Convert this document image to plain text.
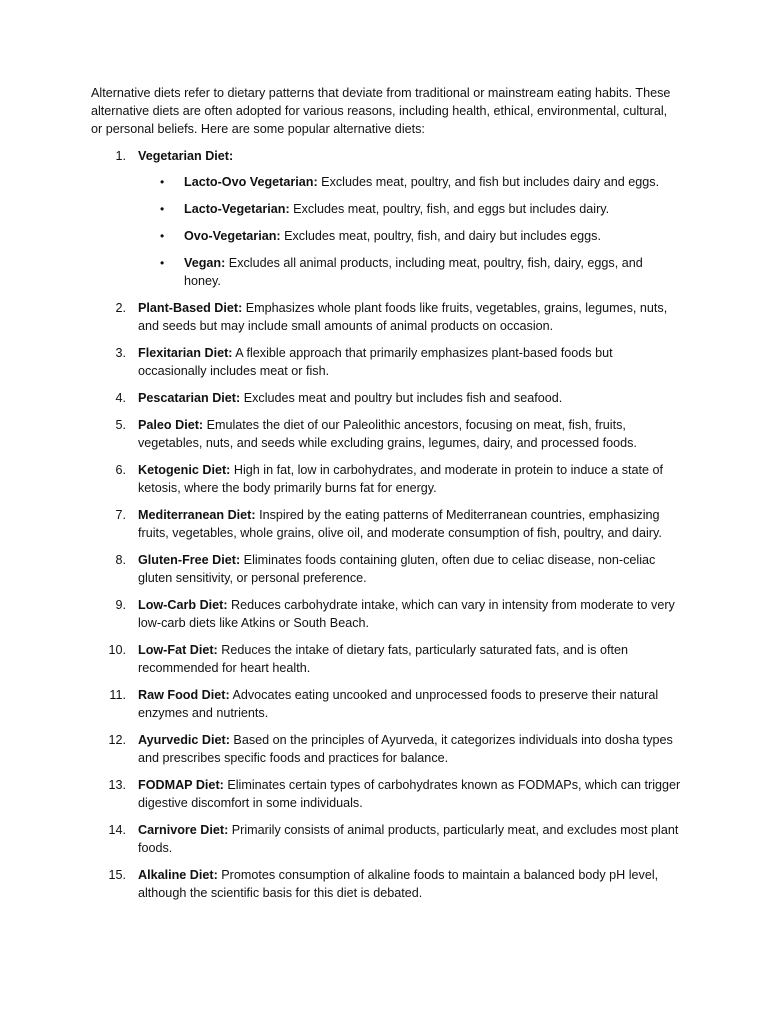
Alternative diets refer to dietary patterns that deviate from traditional or mainstream eating habits. These alternative diets are often adopted for various reasons, including health, ethical, environmental, cultural, or personal beliefs. Here are some popular alternative diets:

1. Vegetarian Diet:
• Lacto-Ovo Vegetarian: Excludes meat, poultry, and fish but includes dairy and eggs.
• Lacto-Vegetarian: Excludes meat, poultry, fish, and eggs but includes dairy.
• Ovo-Vegetarian: Excludes meat, poultry, fish, and dairy but includes eggs.
• Vegan: Excludes all animal products, including meat, poultry, fish, dairy, eggs, and honey.
2. Plant-Based Diet: Emphasizes whole plant foods like fruits, vegetables, grains, legumes, nuts, and seeds but may include small amounts of animal products on occasion.
3. Flexitarian Diet: A flexible approach that primarily emphasizes plant-based foods but occasionally includes meat or fish.
4. Pescatarian Diet: Excludes meat and poultry but includes fish and seafood.
5. Paleo Diet: Emulates the diet of our Paleolithic ancestors, focusing on meat, fish, fruits, vegetables, nuts, and seeds while excluding grains, legumes, dairy, and processed foods.
6. Ketogenic Diet: High in fat, low in carbohydrates, and moderate in protein to induce a state of ketosis, where the body primarily burns fat for energy.
7. Mediterranean Diet: Inspired by the eating patterns of Mediterranean countries, emphasizing fruits, vegetables, whole grains, olive oil, and moderate consumption of fish, poultry, and dairy.
8. Gluten-Free Diet: Eliminates foods containing gluten, often due to celiac disease, non-celiac gluten sensitivity, or personal preference.
9. Low-Carb Diet: Reduces carbohydrate intake, which can vary in intensity from moderate to very low-carb diets like Atkins or South Beach.
10. Low-Fat Diet: Reduces the intake of dietary fats, particularly saturated fats, and is often recommended for heart health.
11. Raw Food Diet: Advocates eating uncooked and unprocessed foods to preserve their natural enzymes and nutrients.
12. Ayurvedic Diet: Based on the principles of Ayurveda, it categorizes individuals into dosha types and prescribes specific foods and practices for balance.
13. FODMAP Diet: Eliminates certain types of carbohydrates known as FODMAPs, which can trigger digestive discomfort in some individuals.
14. Carnivore Diet: Primarily consists of animal products, particularly meat, and excludes most plant foods.
15. Alkaline Diet: Promotes consumption of alkaline foods to maintain a balanced body pH level, although the scientific basis for this diet is debated.
